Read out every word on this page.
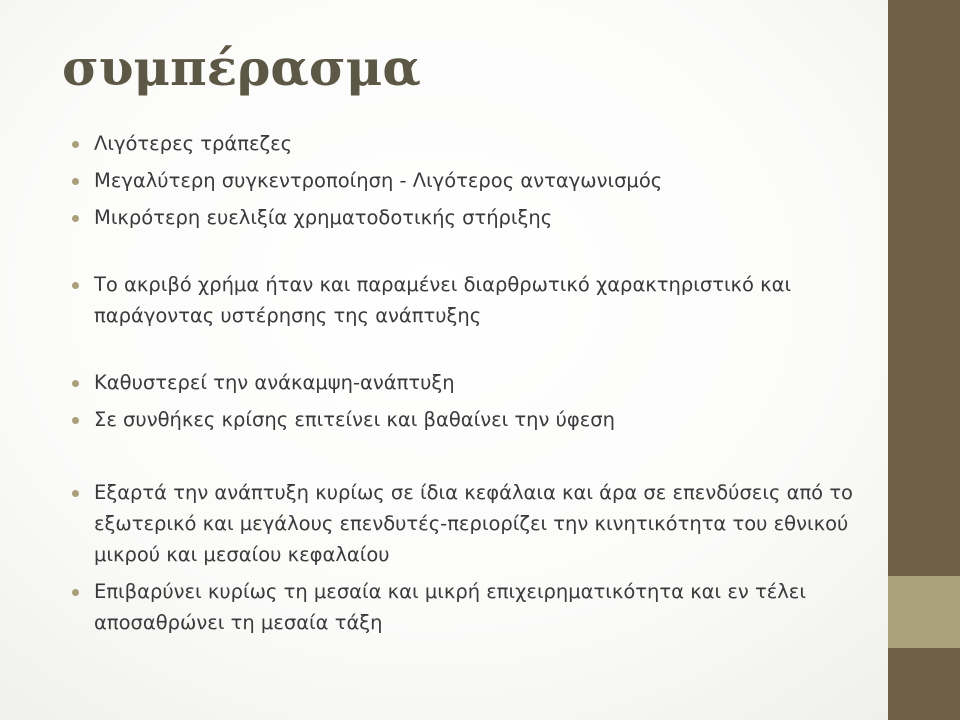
συμπέρασμα
Λιγότερες τράπεζες
Μεγαλύτερη συγκεντροποίηση - Λιγότερος ανταγωνισμός
Μικρότερη ευελιξία χρηματοδοτικής στήριξης
Το ακριβό χρήμα ήταν και παραμένει διαρθρωτικό χαρακτηριστικό και παράγοντας υστέρησης της ανάπτυξης
Καθυστερεί την ανάκαμψη-ανάπτυξη
Σε συνθήκες κρίσης επιτείνει και βαθαίνει την ύφεση
Εξαρτά την ανάπτυξη κυρίως σε ίδια κεφάλαια και άρα σε επενδύσεις από το εξωτερικό και μεγάλους επενδυτές-περιορίζει την κινητικότητα του εθνικού μικρού και μεσαίου κεφαλαίου
Επιβαρύνει κυρίως τη μεσαία και μικρή επιχειρηματικότητα και εν τέλει αποσαθρώνει τη μεσαία τάξη
